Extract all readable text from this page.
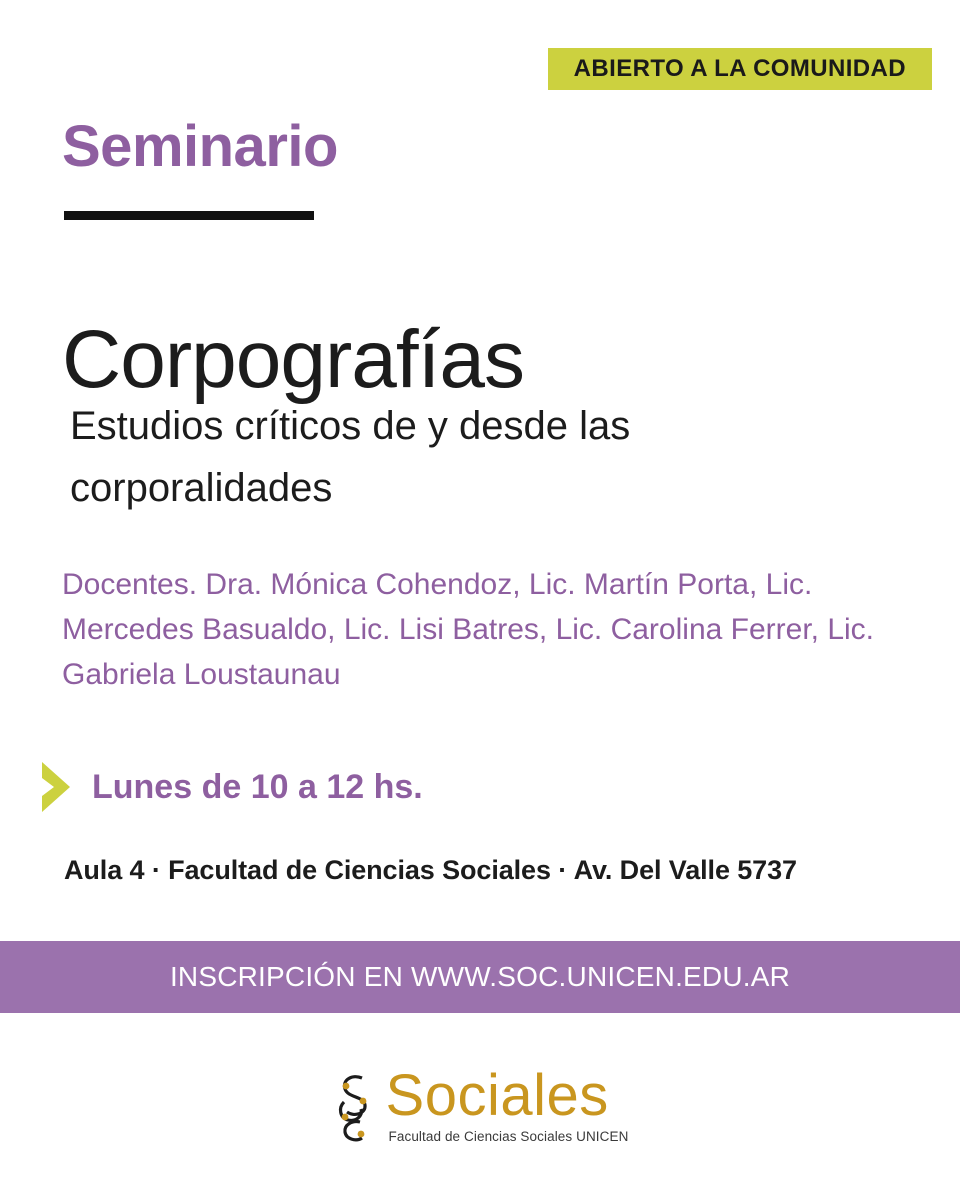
ABIERTO A LA COMUNIDAD
Seminario
Corpografías
Estudios críticos de y desde las corporalidades
Docentes. Dra. Mónica Cohendoz, Lic. Martín Porta, Lic. Mercedes Basualdo, Lic. Lisi Batres, Lic. Carolina Ferrer, Lic. Gabriela Loustaunau
Lunes de 10 a 12 hs.
Aula 4 · Facultad de Ciencias Sociales · Av. Del Valle 5737
INSCRIPCIÓN EN WWW.SOC.UNICEN.EDU.AR
Sociales
Facultad de Ciencias Sociales UNICEN
